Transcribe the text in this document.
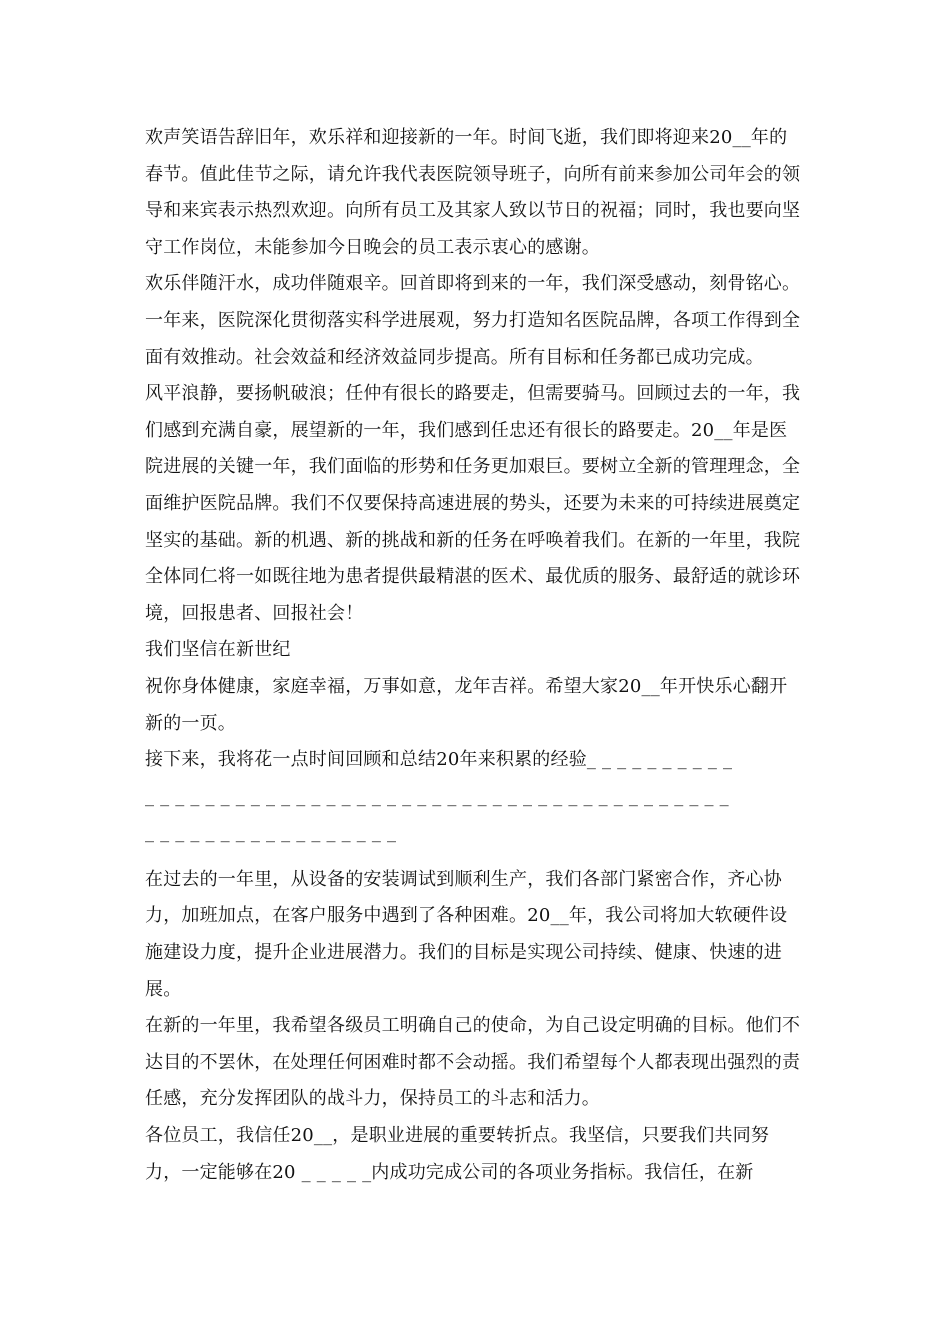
欢声笑语告辞旧年，欢乐祥和迎接新的一年。时间飞逝，我们即将迎来20__年的春节。值此佳节之际，请允许我代表医院领导班子，向所有前来参加公司年会的领导和来宾表示热烈欢迎。向所有员工及其家人致以节日的祝福；同时，我也要向坚守工作岗位，未能参加今日晚会的员工表示衷心的感谢。

欢乐伴随汗水，成功伴随艰辛。回首即将到来的一年，我们深受感动，刻骨铭心。一年来，医院深化贯彻落实科学进展观，努力打造知名医院品牌，各项工作得到全面有效推动。社会效益和经济效益同步提高。所有目标和任务都已成功完成。

风平浪静，要扬帆破浪；任仲有很长的路要走，但需要骑马。回顾过去的一年，我们感到充满自豪，展望新的一年，我们感到任忠还有很长的路要走。20__年是医院进展的关键一年，我们面临的形势和任务更加艰巨。要树立全新的管理理念，全面维护医院品牌。我们不仅要保持高速进展的势头，还要为未来的可持续进展奠定坚实的基础。新的机遇、新的挑战和新的任务在呼唤着我们。在新的一年里，我院全体同仁将一如既往地为患者提供最精湛的医术、最优质的服务、最舒适的就诊环境，回报患者、回报社会！

我们坚信在新世纪

祝你身体健康，家庭幸福，万事如意，龙年吉祥。希望大家20__年开快乐心翻开新的一页。

接下来，我将花一点时间回顾和总结20年来积累的经验_ _ _ _ _ _ _ _ _ _

_ _ _ _ _ _ _ _ _ _ _ _ _ _ _ _ _ _ _ _ _ _ _ _ _ _ _ _ _ _ _ _ _ _ _ _ _ _ _

_ _ _ _ _ _ _ _ _ _ _ _ _ _ _ _ _

在过去的一年里，从设备的安装调试到顺利生产，我们各部门紧密合作，齐心协力，加班加点，在客户服务中遇到了各种困难。20__年，我公司将加大软硬件设施建设力度，提升企业进展潜力。我们的目标是实现公司持续、健康、快速的进展。

在新的一年里，我希望各级员工明确自己的使命，为自己设定明确的目标。他们不达目的不罢休，在处理任何困难时都不会动摇。我们希望每个人都表现出强烈的责任感，充分发挥团队的战斗力，保持员工的斗志和活力。

各位员工，我信任20__，是职业进展的重要转折点。我坚信，只要我们共同努力，一定能够在20 _ _ _ _ _内成功完成公司的各项业务指标。我信任，在新
